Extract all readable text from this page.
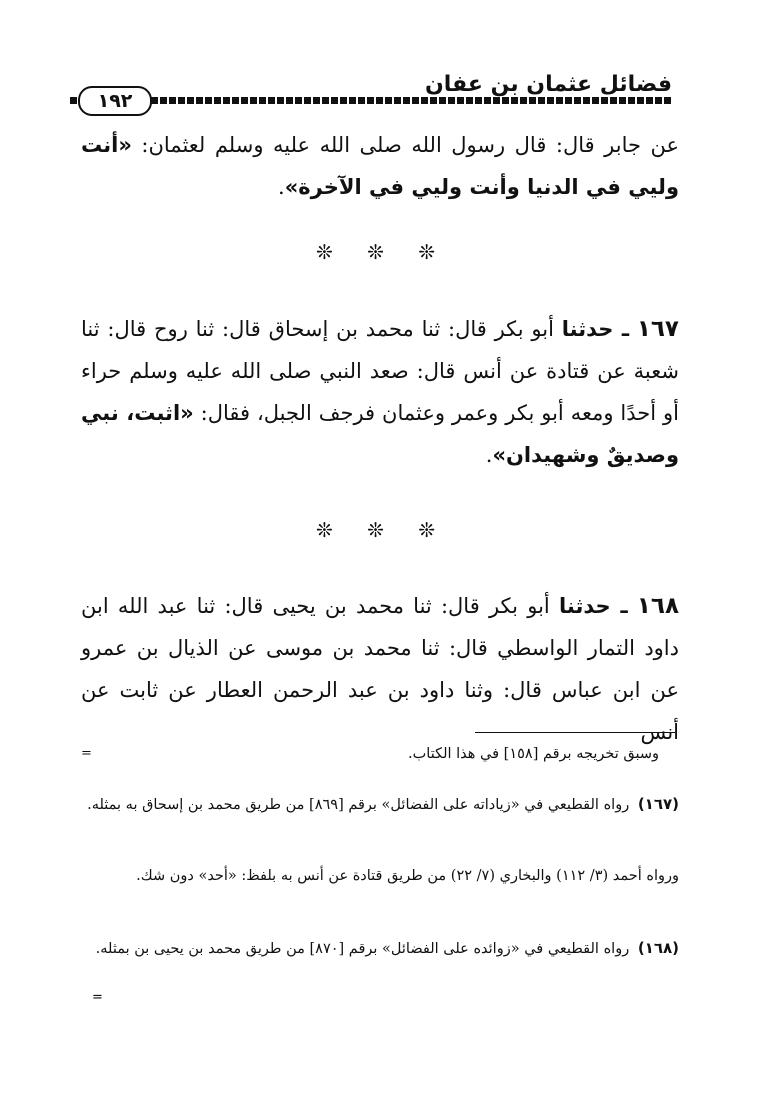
فضائل عثمان بن عفان
١٩٢
عن جابر قال: قال رسول الله صلى الله عليه وسلم لعثمان: «أنت وليي في الدنيا وأنت وليي في الآخرة».
❊ ❊ ❊
١٦٧ ـ حدثنا أبو بكر قال: ثنا محمد بن إسحاق قال: ثنا روح قال: ثنا شعبة عن قتادة عن أنس قال: صعد النبي صلى الله عليه وسلم حراء أو أحدًا ومعه أبو بكر وعمر وعثمان فرجف الجبل، فقال: «اثبت، نبي وصديقٌ وشهيدان».
❊ ❊ ❊
١٦٨ ـ حدثنا أبو بكر قال: ثنا محمد بن يحيى قال: ثنا عبد الله ابن داود التمار الواسطي قال: ثنا محمد بن موسى عن الذيال بن عمرو عن ابن عباس قال: وثنا داود بن عبد الرحمن العطار عن ثابت عن أنس
=	وسبق تخريجه برقم [١٥٨] في هذا الكتاب.
(١٦٧) رواه القطيعي في «زياداته على الفضائل» برقم [٨٦٩] من طريق محمد بن إسحاق به بمثله.
ورواه أحمد (٣/ ١١٢) والبخاري (٧/ ٢٢) من طريق قتادة عن أنس به بلفظ: «أحد» دون شك.
(١٦٨) رواه القطيعي في «زوائده على الفضائل» برقم [٨٧٠] من طريق محمد بن يحيى بن بمثله.
=
